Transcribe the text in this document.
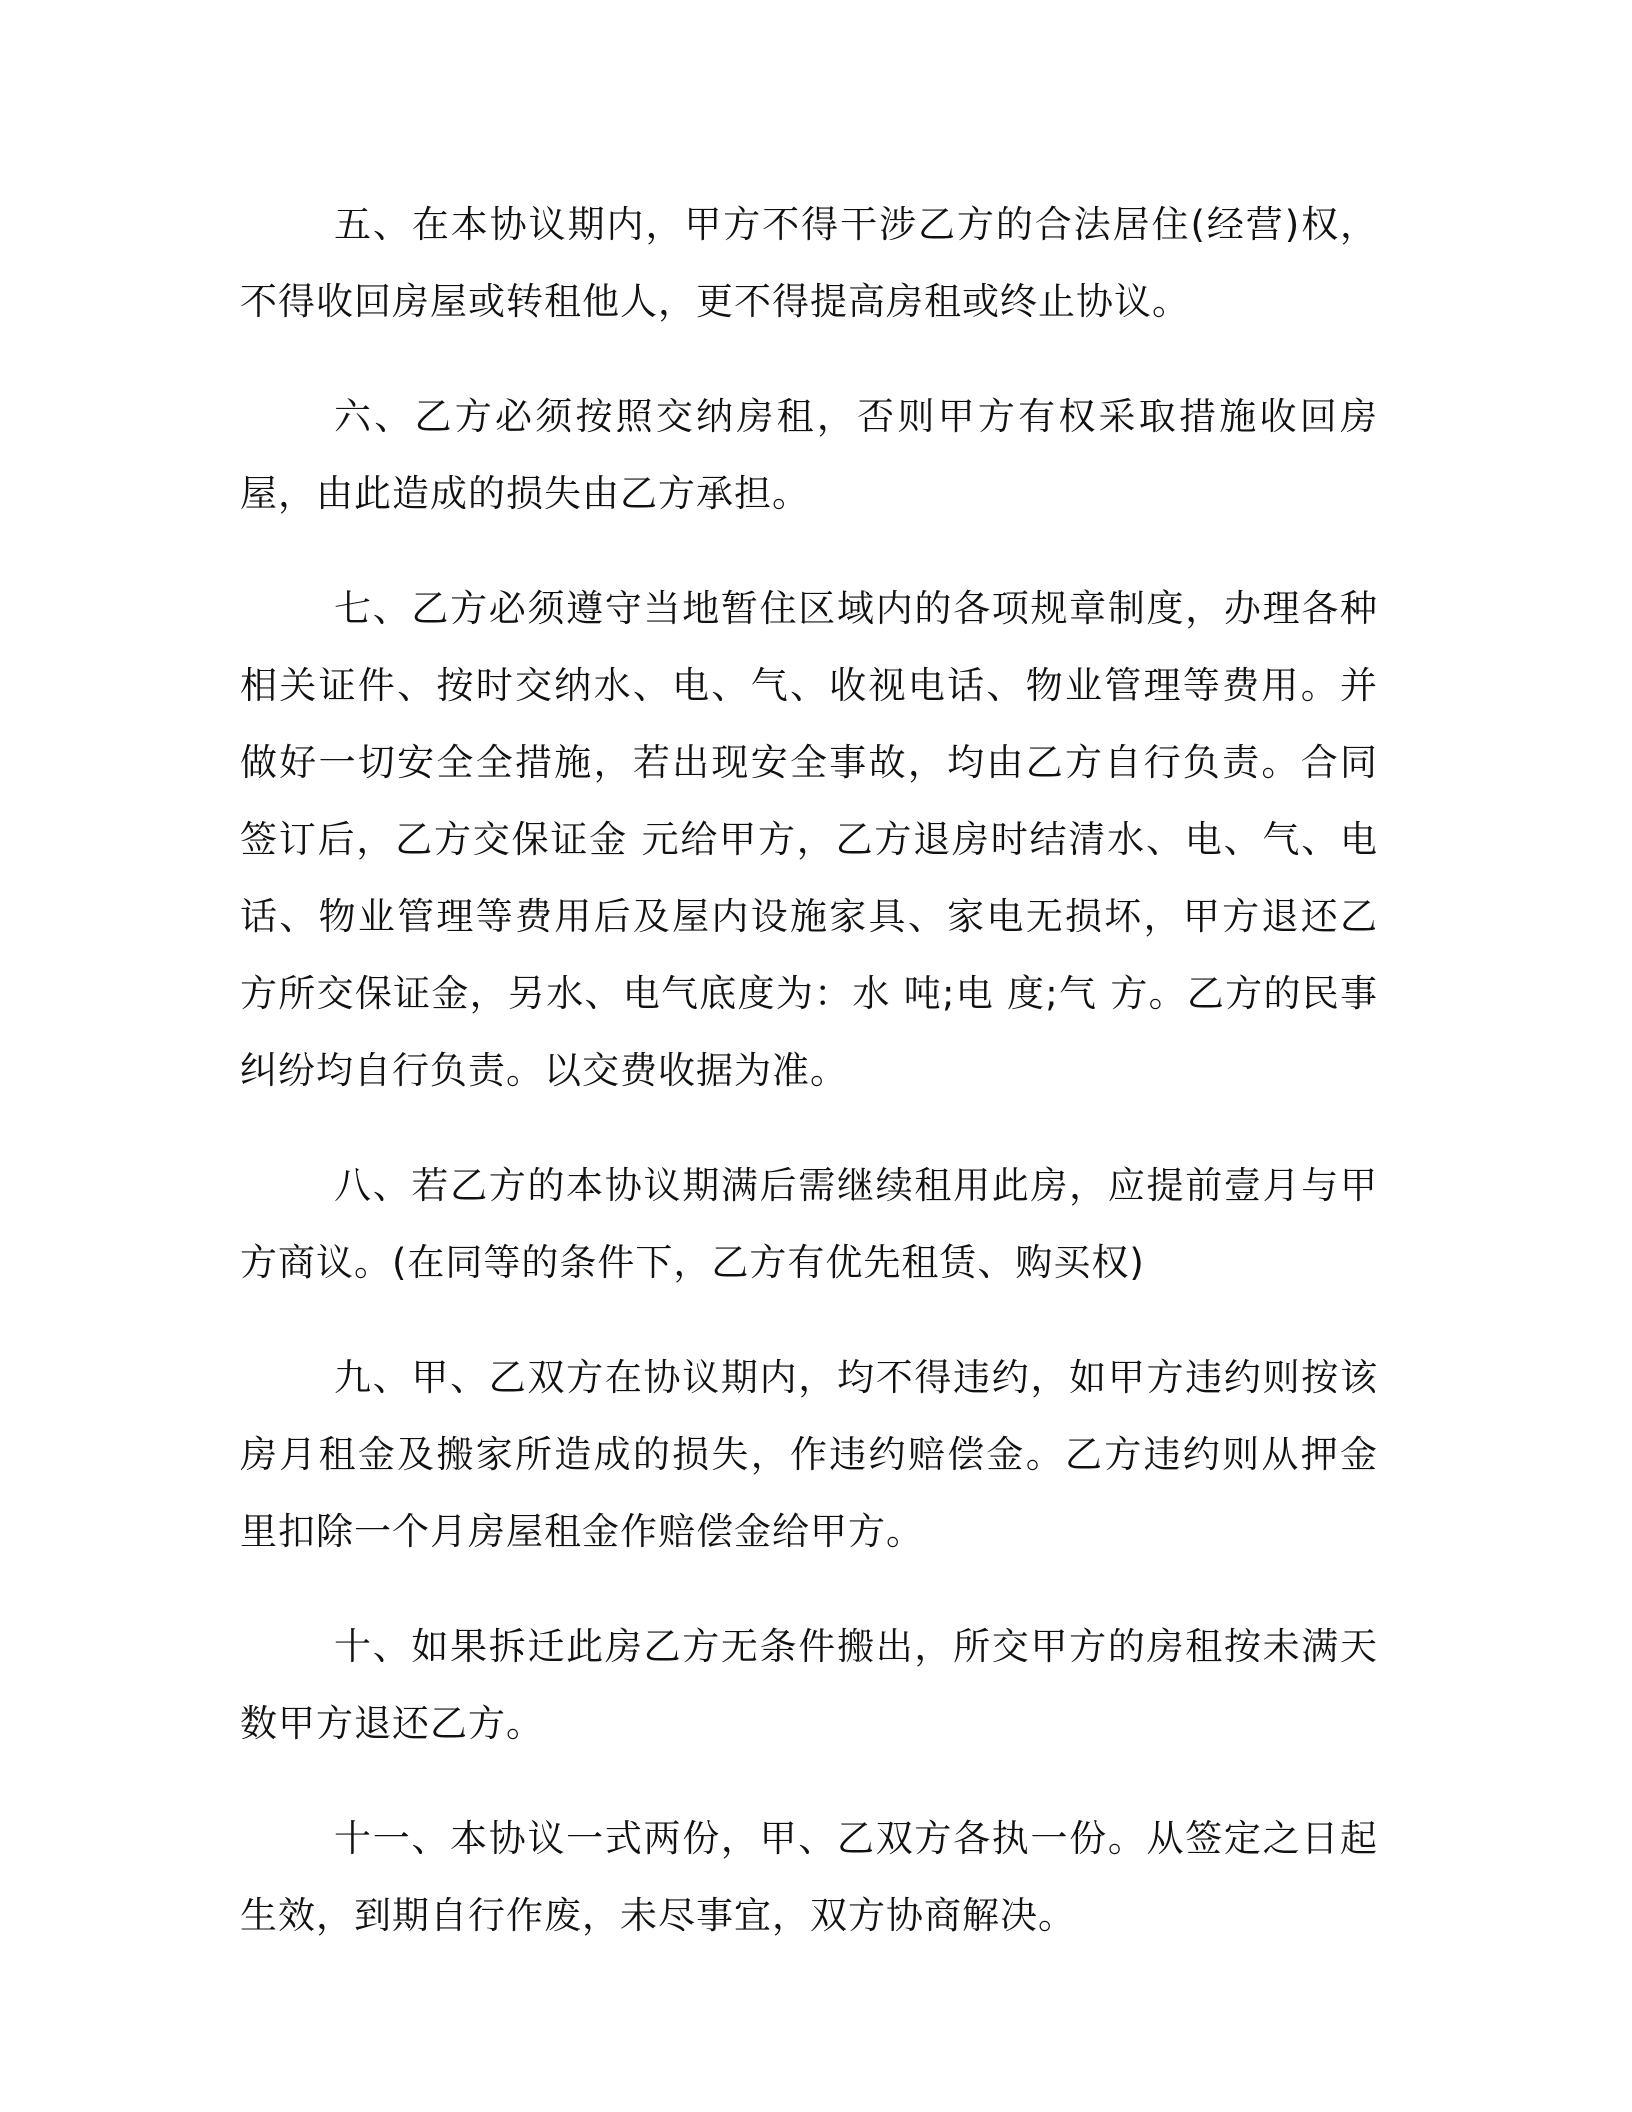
五、在本协议期内，甲方不得干涉乙方的合法居住(经营)权，不得收回房屋或转租他人，更不得提高房租或终止协议。

六、乙方必须按照交纳房租，否则甲方有权采取措施收回房屋，由此造成的损失由乙方承担。

七、乙方必须遵守当地暂住区域内的各项规章制度，办理各种相关证件、按时交纳水、电、气、收视电话、物业管理等费用。并做好一切安全全措施，若出现安全事故，均由乙方自行负责。合同签订后，乙方交保证金 元给甲方，乙方退房时结清水、电、气、电话、物业管理等费用后及屋内设施家具、家电无损坏，甲方退还乙方所交保证金，另水、电气底度为：水 吨;电 度;气 方。乙方的民事纠纷均自行负责。以交费收据为准。

八、若乙方的本协议期满后需继续租用此房，应提前壹月与甲方商议。(在同等的条件下，乙方有优先租赁、购买权)

九、甲、乙双方在协议期内，均不得违约，如甲方违约则按该房月租金及搬家所造成的损失，作违约赔偿金。乙方违约则从押金里扣除一个月房屋租金作赔偿金给甲方。

十、如果拆迁此房乙方无条件搬出，所交甲方的房租按未满天数甲方退还乙方。

十一、本协议一式两份，甲、乙双方各执一份。从签定之日起生效，到期自行作废，未尽事宜，双方协商解决。
